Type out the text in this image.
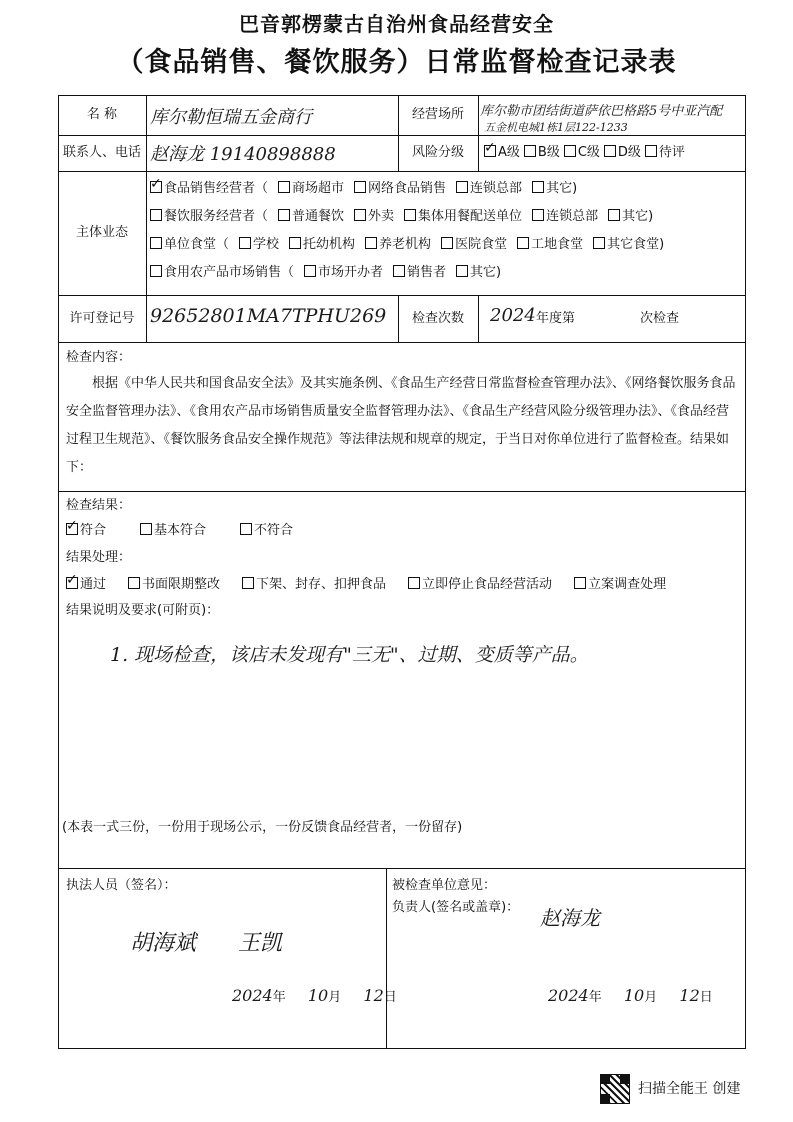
巴音郭楞蒙古自治州食品经营安全
（食品销售、餐饮服务）日常监督检查记录表
名 称	库尔勒恒瑞五金商行	经营场所	库尔勒市团结街道萨依巴格路5号中亚汽配
五金机电城1栋1层122-1233
联系人、电话 赵海龙 19140898888	风险分级
✓	A级 B级 C级 D级 待评
主体业态
✓食品销售经营者（ 商场超市 网络食品销售 连锁总部 其它)
餐饮服务经营者（ 普通餐饮 外卖 集体用餐配送单位 连锁总部 其它)
单位食堂（ 学校 托幼机构 养老机构 医院食堂 工地食堂 其它食堂)
食用农产品市场销售（ 市场开办者 销售者 其它)
许可登记号 92652801MA7TPHU269	检查次数	2024 年度第	次检查
检查内容：
根据《中华人民共和国食品安全法》及其实施条例、《食品生产经营日常监督检查管理办法》、《网络餐饮服务食品安全监督管理办法》、《食用农产品市场销售质量安全监督管理办法》、《食品生产经营风险分级管理办法》、《食品经营过程卫生规范》、《餐饮服务食品安全操作规范》等法律法规和规章的规定，于当日对你单位进行了监督检查。结果如下：
检查结果：
✓符合	基本符合	不符合
结果处理：
✓通过	书面限期整改	下架、封存、扣押食品	立即停止食品经营活动	立案调查处理
结果说明及要求(可附页)：
1. 现场检查，该店未发现有"三无"、过期、变质等产品。
(本表一式三份，一份用于现场公示，一份反馈食品经营者，一份留存)
执法人员（签名）：
胡海斌 王凯
2024年 10月 12日
被检查单位意见：
负责人(签名或盖章)： 赵海龙
2024年 10月 12日
扫描全能王 创建
